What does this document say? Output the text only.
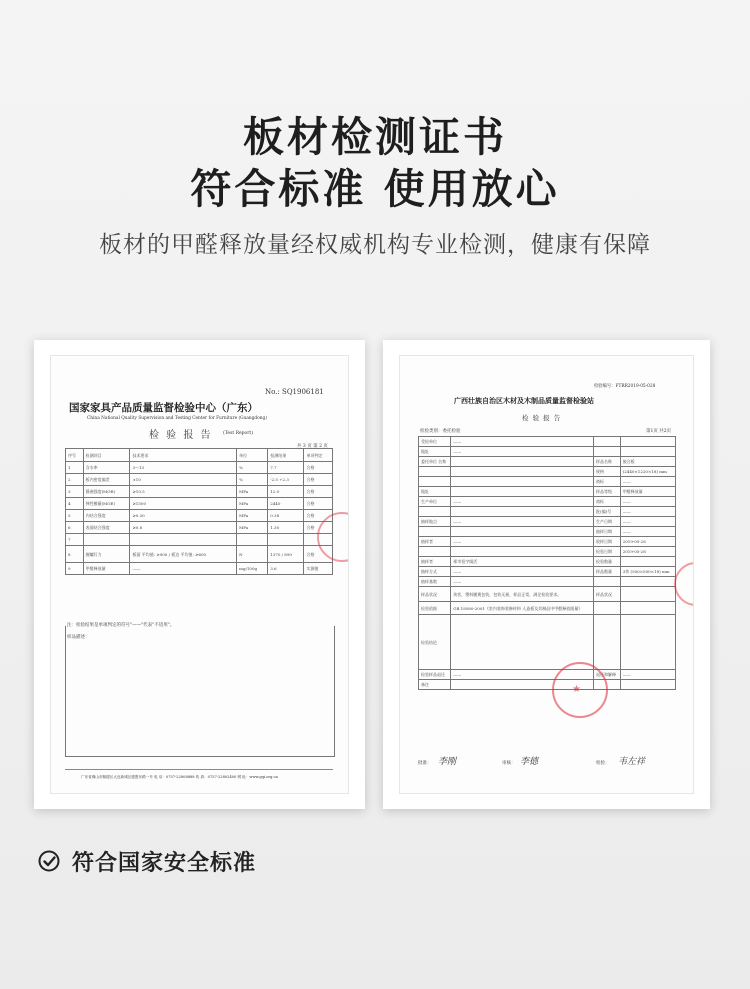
板材检测证书
符合标准 使用放心
板材的甲醛释放量经权威机构专业检测，健康有保障
No.: SQ1906181
国家家具产品质量监督检验中心（广东）
China National Quality Supervision and Testing Center for Furniture (Guangdong)
检 验 报 告 (Test Report)
共 3 页 第 2 页
序号	检测项目	技术要求	单位	检测结果	单项判定
1	含水率	3～13	%	7.7	合格
2	板内密度偏差	±10	%	-2.5 +2.3	合格
3	静曲强度(MOR)	≥10.5	MPa	12.0	合格
4	弹性模量(MOE)	≥1500	MPa	2440	合格
5	内结合强度	≥0.30	MPa	0.38	合格
6	表面结合强度	≥0.8	MPa	1.30	合格
7					
8	握螺钉力	板面 平均值: ≥900 / 板边 平均值: ≥600	N	1370 / 890	合格
9	甲醛释放量	——	mg/100g	3.6	实测值
注：检验结果是单项判定的符号"——"代表"不适用"。
样品描述：
广东省佛山市顺德区大良新城区德胜东路一号 电 话：0757-22808888 传 真：0757-22802400 网 址：www.gqi.org.cn
检验编号：FTRR2019-05-028
广西壮族自治区木材及木制品质量监督检验站
检 验 报 告
检验类别：委托检验	第1页 共2页
受检单位	——		
地址	——		
委托单位 名称		样品名称	胶合板
		规格	(2440×1220×18) mm
		商标	——
地址		样品等级	甲醛释放量
生产单位	——	商标	——
		批(编)号	——
抽样地点	——	生产日期	——
		抽样日期	——
抽样者	——	收样日期	2019-05-28
		检验日期	2019-05-28
抽样者	邢市恒宇阁活	检验数量	
抽样方式	——	样品数量	3块 (500×500×18) mm
抽样基数	——		
样品状况	块状，塑料膜裹包装，包装无损，样品正常，满足检验要求。	样品状况	
检验依据	GB 18580-2001《室内装饰装修材料 人造板及其制品中甲醛释放限量》		
检验结论			
检验样品退还	——	退还和解释	——
备注				★
批准： 李刚	审核： 李德	检验： 韦左祥
符合国家安全标准
